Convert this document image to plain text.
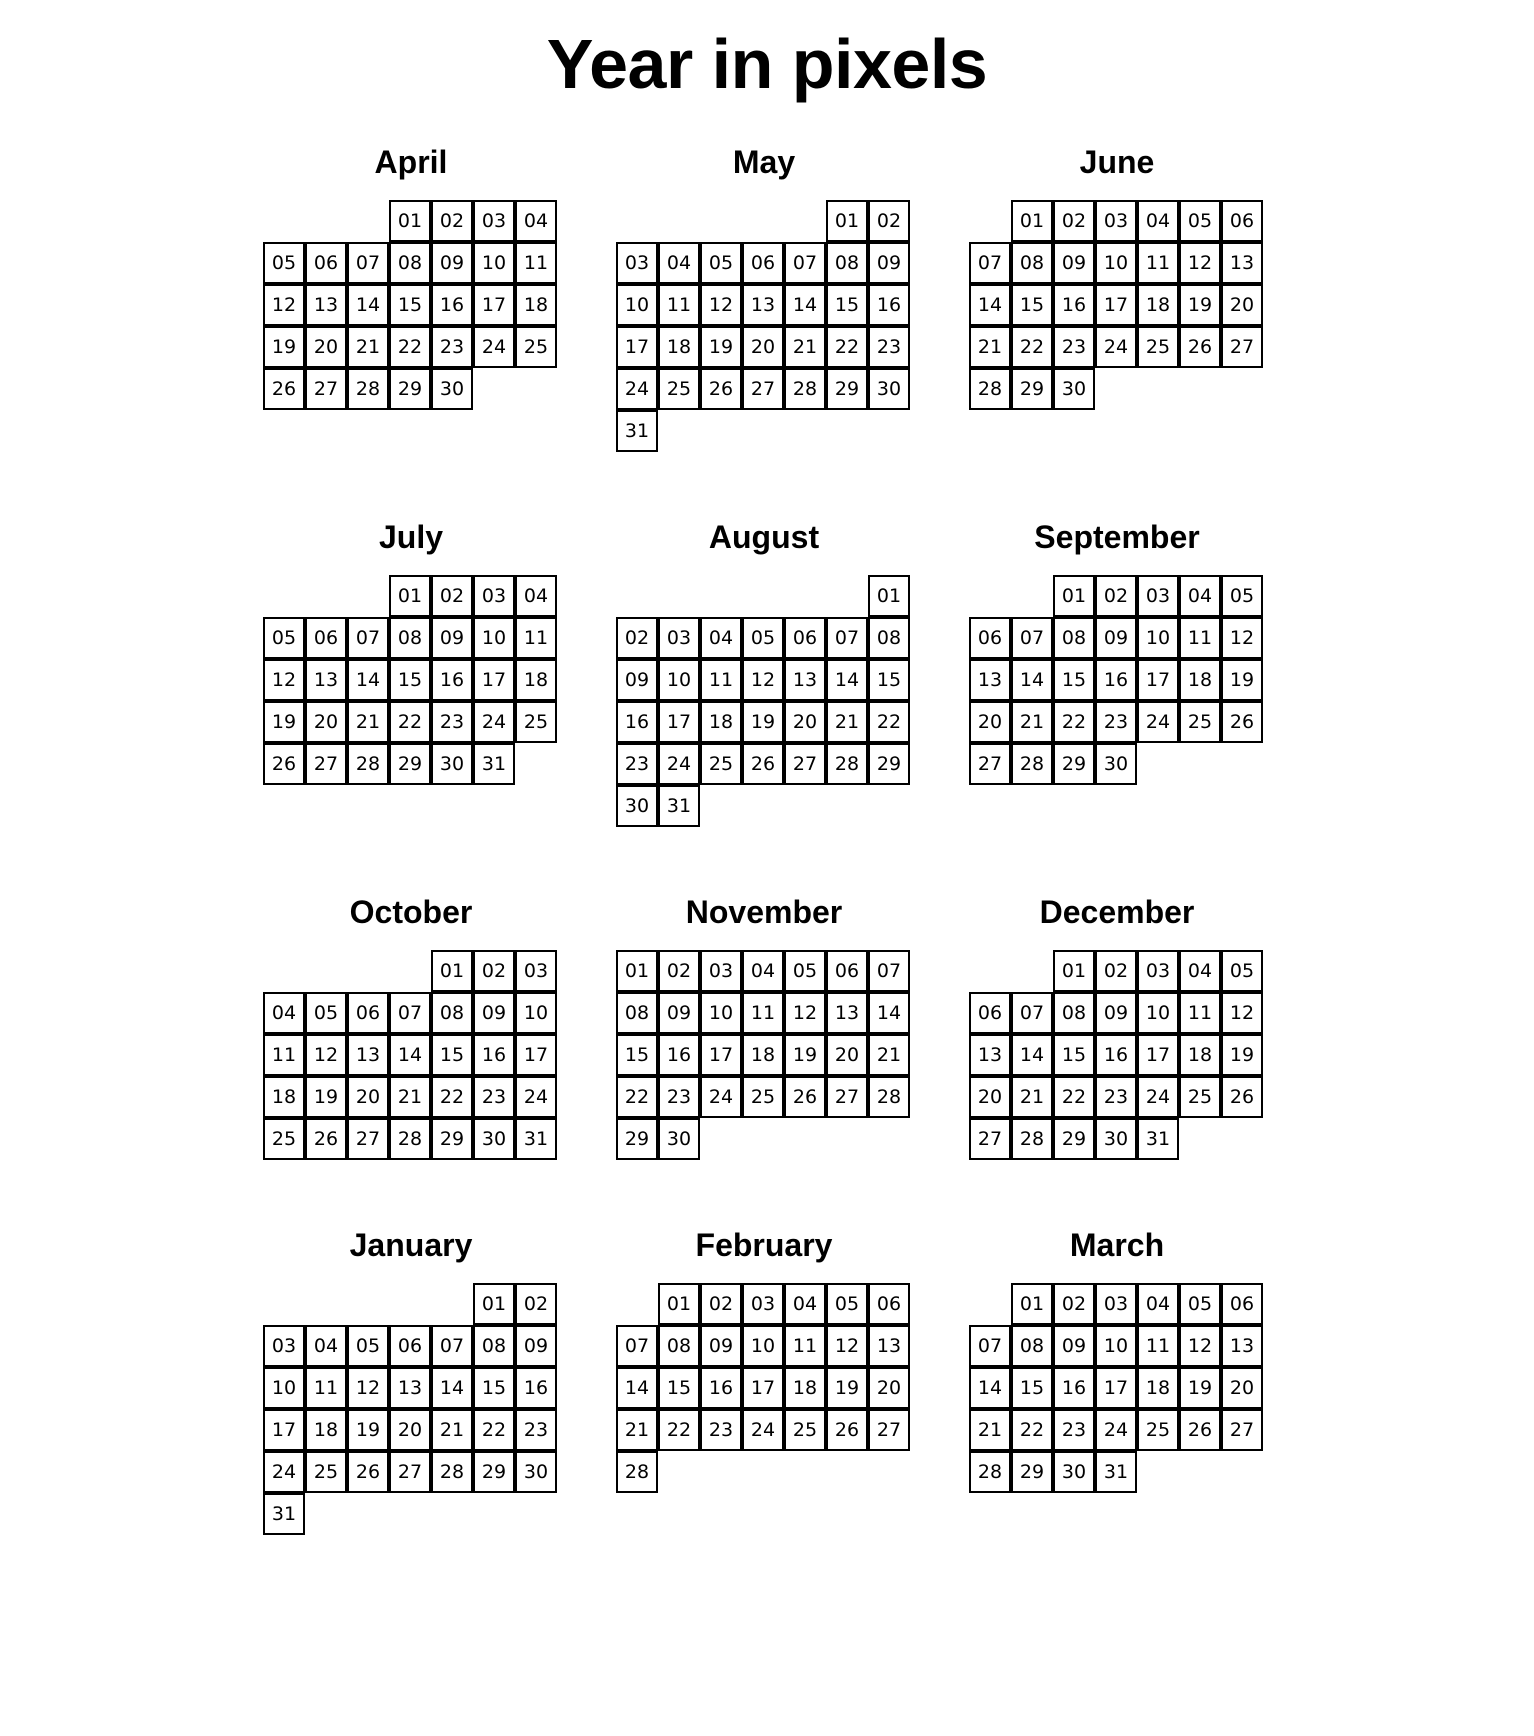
Year in pixels
April
01 02 03 04
05 06 07 08 09 10 11
12 13 14 15 16 17 18
19 20 21 22 23 24 25
26 27 28 29 30
May
01 02
03 04 05 06 07 08 09
10 11 12 13 14 15 16
17 18 19 20 21 22 23
24 25 26 27 28 29 30
31
June
01 02 03 04 05 06
07 08 09 10 11 12 13
14 15 16 17 18 19 20
21 22 23 24 25 26 27
28 29 30
July
01 02 03 04
05 06 07 08 09 10 11
12 13 14 15 16 17 18
19 20 21 22 23 24 25
26 27 28 29 30 31
August
01
02 03 04 05 06 07 08
09 10 11 12 13 14 15
16 17 18 19 20 21 22
23 24 25 26 27 28 29
30 31
September
01 02 03 04 05
06 07 08 09 10 11 12
13 14 15 16 17 18 19
20 21 22 23 24 25 26
27 28 29 30
October
01 02 03
04 05 06 07 08 09 10
11 12 13 14 15 16 17
18 19 20 21 22 23 24
25 26 27 28 29 30 31
November
01 02 03 04 05 06 07
08 09 10 11 12 13 14
15 16 17 18 19 20 21
22 23 24 25 26 27 28
29 30
December
01 02 03 04 05
06 07 08 09 10 11 12
13 14 15 16 17 18 19
20 21 22 23 24 25 26
27 28 29 30 31
January
01 02
03 04 05 06 07 08 09
10 11 12 13 14 15 16
17 18 19 20 21 22 23
24 25 26 27 28 29 30
31
February
01 02 03 04 05 06
07 08 09 10 11 12 13
14 15 16 17 18 19 20
21 22 23 24 25 26 27
28
March
01 02 03 04 05 06
07 08 09 10 11 12 13
14 15 16 17 18 19 20
21 22 23 24 25 26 27
28 29 30 31
